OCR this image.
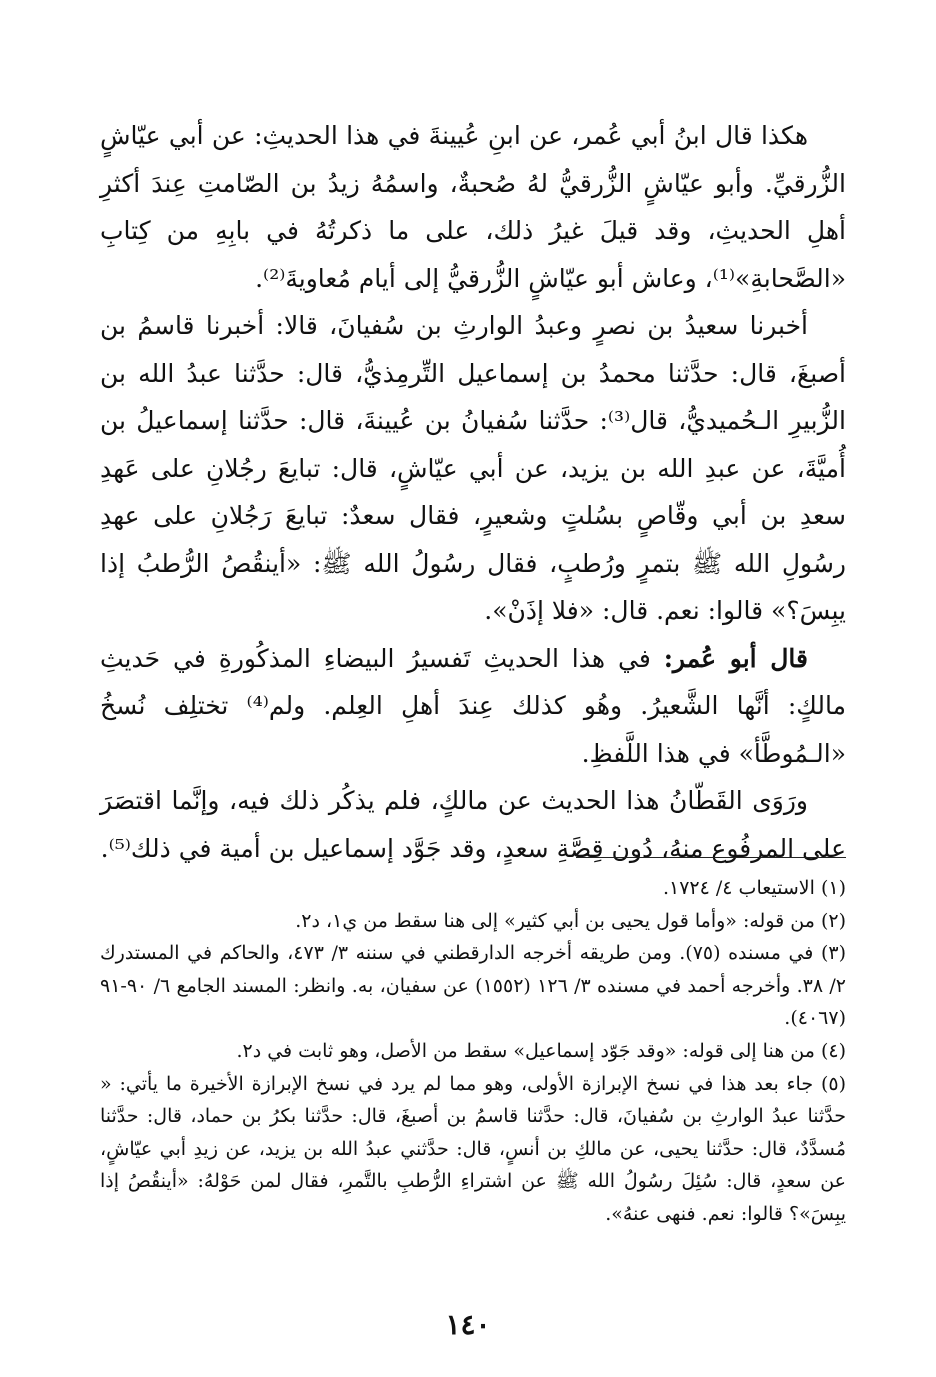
هكذا قال ابنُ أبي عُمر، عن ابنِ عُيينةَ في هذا الحديثِ: عن أبي عيّاشٍ الزُّرقيِّ. وأبو عيّاشٍ الزُّرقيُّ لهُ صُحبةٌ، واسمُهُ زيدُ بن الصّامتِ عِندَ أكثرِ أهلِ الحديثِ، وقد قيلَ غيرُ ذلك، على ما ذكرتُهُ في بابِهِ من كِتابِ «الصَّحابةِ»⁽¹⁾، وعاش أبو عيّاشٍ الزُّرقيُّ إلى أيام مُعاويةَ⁽²⁾.

أخبرنا سعيدُ بن نصرٍ وعبدُ الوارثِ بن سُفيانَ، قالا: أخبرنا قاسمُ بن أصبغَ، قال: حدَّثنا محمدُ بن إسماعيل التِّرمِذيُّ، قال: حدَّثنا عبدُ الله بن الزُّبيرِ الـحُميديُّ، قال⁽³⁾: حدَّثنا سُفيانُ بن عُيينةَ، قال: حدَّثنا إسماعيلُ بن أُميَّةَ، عن عبدِ الله بن يزيد، عن أبي عيّاشٍ، قال: تبايعَ رجُلانِ على عَهدِ سعدِ بن أبي وقّاصٍ بسُلتٍ وشعيرٍ، فقال سعدٌ: تبايعَ رَجُلانِ على عهدِ رسُولِ الله ﷺ بتمرٍ ورُطبٍ، فقال رسُولُ الله ﷺ: «أينقُصُ الرُّطبُ إذا يبِسَ؟» قالوا: نعم. قال: «فلا إذَنْ».

قال أبو عُمر: في هذا الحديثِ تَفسيرُ البيضاءِ المذكُورةِ في حَديثِ مالكٍ: أنَّها الشَّعيرُ. وهُو كذلك عِندَ أهلِ العِلم. ولم⁽⁴⁾ تختلِف نُسخُ «الـمُوطَّأ» في هذا اللَّفظِ.

ورَوَى القَطّانُ هذا الحديث عن مالكٍ، فلم يذكُر ذلك فيه، وإنَّما اقتصَرَ على المرفُوع منهُ، دُون قِصَّةِ سعدٍ، وقد جَوَّد إسماعيل بن أمية في ذلك⁽⁵⁾.

(١) الاستيعاب ٤/ ١٧٢٤.

(٢) من قوله: «وأما قول يحيى بن أبي كثير» إلى هنا سقط من ي١، د٢.

(٣) في مسنده (٧٥). ومن طريقه أخرجه الدارقطني في سننه ٣/ ٤٧٣، والحاكم في المستدرك ٢/ ٣٨. وأخرجه أحمد في مسنده ٣/ ١٢٦ (١٥٥٢) عن سفيان، به. وانظر: المسند الجامع ٦/ ٩٠-٩١ (٤٠٦٧).

(٤) من هنا إلى قوله: «وقد جَوّد إسماعيل» سقط من الأصل، وهو ثابت في د٢.

(٥) جاء بعد هذا في نسخ الإبرازة الأولى، وهو مما لم يرد في نسخ الإبرازة الأخيرة ما يأتي: « حدَّثنا عبدُ الوارثِ بن سُفيانَ، قال: حدَّثنا قاسمُ بن أصبغَ، قال: حدَّثنا بكرُ بن حماد، قال: حدَّثنا مُسدَّدٌ، قال: حدَّثنا يحيى، عن مالكِ بن أنسٍ، قال: حدَّثني عبدُ الله بن يزيد، عن زيدِ أبي عيّاشٍ، عن سعدٍ، قال: سُئِلَ رسُولُ الله ﷺ عن اشتراءِ الرُّطبِ بالتَّمرِ، فقال لمن حَوْلهُ: «أينقُصُ إذا يبِسَ»؟ قالوا: نعم. فنهى عنهُ».

١٤٠
